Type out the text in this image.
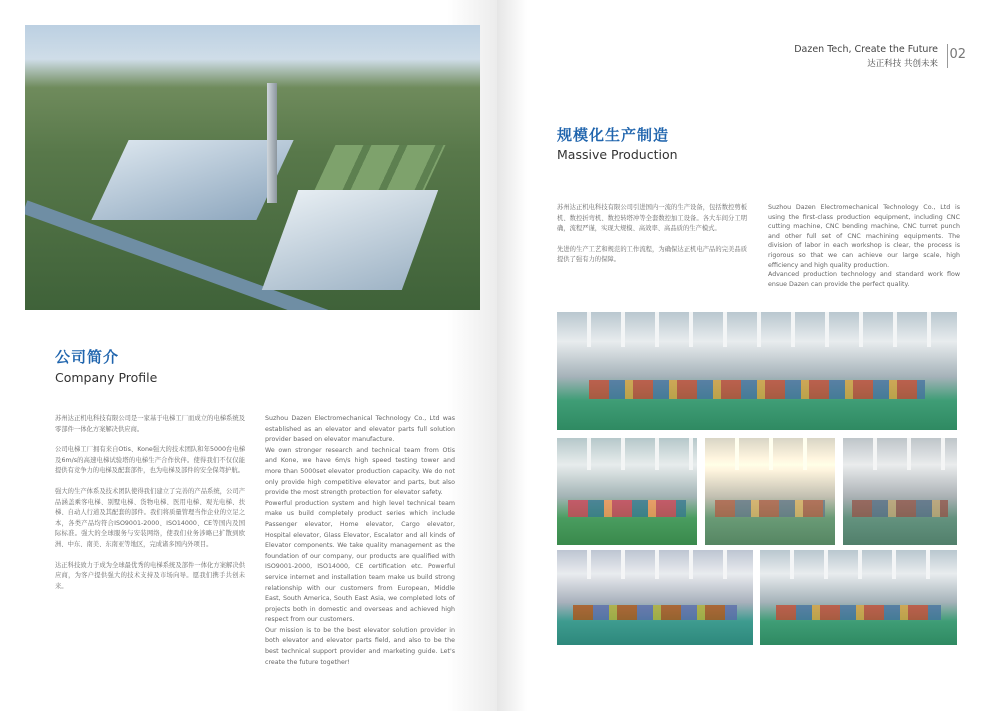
公司简介
Company Profile

苏州达正机电科技有限公司是一家基于电梯工厂而成立的电梯系统及零部件一体化方案解决供应商。

公司电梯工厂拥有来自Otis、Kone强大的技术团队和年5000台电梯及6m/s的高速电梯试验塔的电梯生产合作伙伴。使得我们不仅仅能提供有竞争力的电梯及配套部件，也为电梯及部件的安全保驾护航。

强大的生产体系及技术团队使得我们建立了完善的产品系统，公司产品涵盖乘客电梯、别墅电梯、货物电梯、医用电梯、观光电梯、扶梯、自动人行道及其配套的部件。我们将质量管理当作企业的立足之本，各类产品均符合ISO9001-2000、ISO14000、CE等国内及国际标准。强大的全球服务与安装网络，使我们业务涉略已扩散到欧洲、中东、南美、东南亚等地区，完成诸多国内外项目。

达正科技致力于成为全球最优秀的电梯系统及部件一体化方案解决供应商，为客户提供强大的技术支持及市场向导。愿我们携手共创未来。

Suzhou Dazen Electromechanical Technology Co., Ltd was established as an elevator and elevator parts full solution provider based on elevator manufacture.

We own stronger research and technical team from Otis and Kone, we have 6m/s high speed testing tower and more than 5000set elevator production capacity. We do not only provide high competitive elevator and parts, but also provide the most strength protection for elevator safety.

Powerful production system and high level technical team make us build completely product series which include Passenger elevator, Home elevator, Cargo elevator, Hospital elevator, Glass Elevator, Escalator and all kinds of Elevator components. We take quality management as the foundation of our company, our products are qualified with ISO9001-2000, ISO14000, CE certification etc. Powerful service internet and installation team make us build strong relationship with our customers from European, Middle East, South America, South East Asia, we completed lots of projects both in domestic and overseas and achieved high respect from our customers.

Our mission is to be the best elevator solution provider in both elevator and elevator parts field, and also to be the best technical support provider and marketing guide. Let's create the future together!

Dazen Tech, Create the Future
达正科技 共创未来
02
规模化生产制造
Massive Production

苏州达正机电科技有限公司引进国内一流的生产设备，包括数控剪板机、数控折弯机、数控转塔冲等全套数控加工设备。各大车间分工明确，流程严谨，实现大规模、高效率、高品质的生产模式。

先进的生产工艺和规范的工作流程，为确保达正机电产品的完美品质提供了强有力的保障。

Suzhou Dazen Electromechanical Technology Co., Ltd is using the first-class production equipment, including CNC cutting machine, CNC bending machine, CNC turret punch and other full set of CNC machining equipments. The division of labor in each workshop is clear, the process is rigorous so that we can achieve our large scale, high efficiency and high quality production.

Advanced production technology and standard work flow ensue Dazen can provide the perfect quality.
